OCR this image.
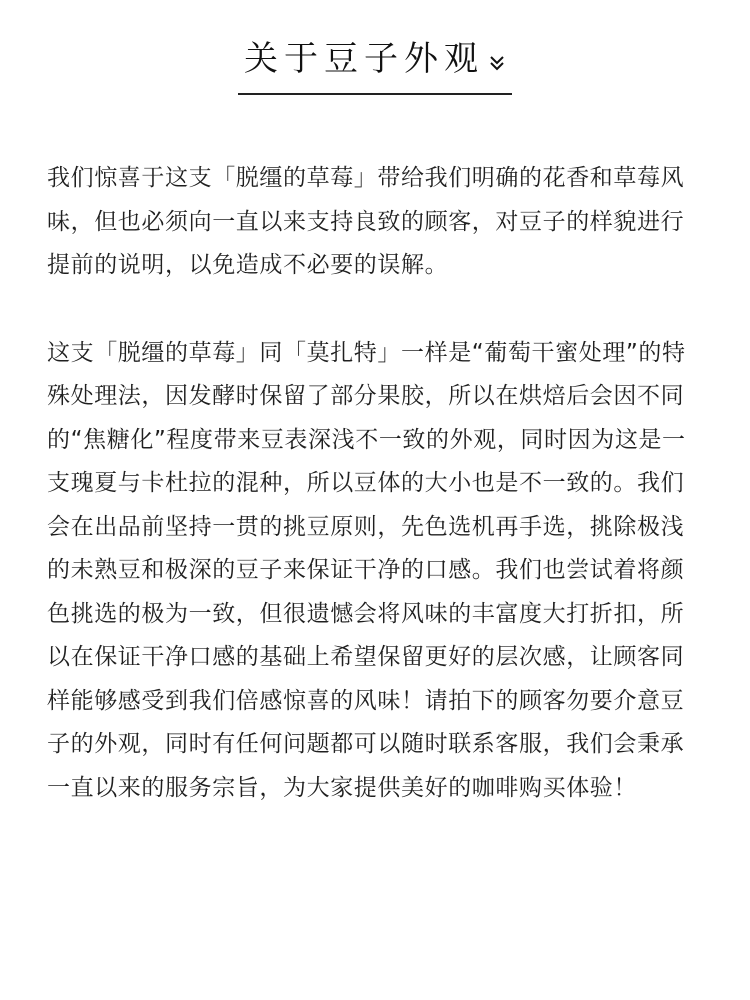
关于豆子外观

我们惊喜于这支「脱缰的草莓」带给我们明确的花香和草莓风味，但也必须向一直以来支持良致的顾客，对豆子的样貌进行提前的说明，以免造成不必要的误解。

这支「脱缰的草莓」同「莫扎特」一样是“葡萄干蜜处理”的特殊处理法，因发酵时保留了部分果胶，所以在烘焙后会因不同的“焦糖化”程度带来豆表深浅不一致的外观，同时因为这是一支瑰夏与卡杜拉的混种，所以豆体的大小也是不一致的。我们会在出品前坚持一贯的挑豆原则，先色选机再手选，挑除极浅的未熟豆和极深的豆子来保证干净的口感。我们也尝试着将颜色挑选的极为一致，但很遗憾会将风味的丰富度大打折扣，所以在保证干净口感的基础上希望保留更好的层次感，让顾客同样能够感受到我们倍感惊喜的风味！请拍下的顾客勿要介意豆子的外观，同时有任何问题都可以随时联系客服，我们会秉承一直以来的服务宗旨，为大家提供美好的咖啡购买体验！
